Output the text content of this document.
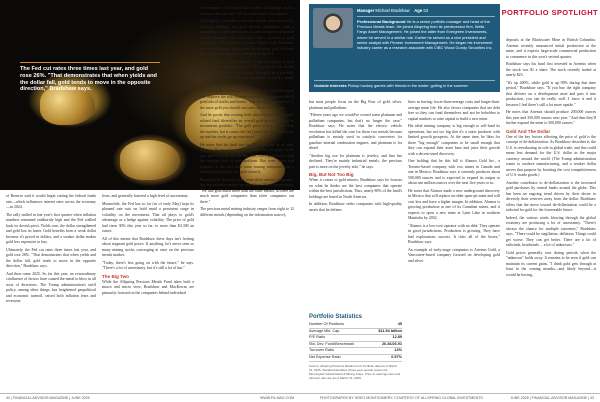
The Fed cut rates three times last year, and gold rose 26%. "That demonstrates that when yields and the dollar fall, gold tends to move in the opposite direction," Bradshaw says.

of Reserve said it would begin cutting the federal funds rate—which influences interest rates across the economy—in 2024.

The rally stalled in late year's first quarter when inflation numbers remained stubbornly high and the Fed walked back its dovish pivot. Yields rose, the dollar strengthened and gold lost its luster. Gold benefits from a weak dollar because it's priced in dollars, and a weaker dollar makes gold less expensive to buy.

Ultimately, the Fed cut rates three times last year, and gold rose 26%. "That demonstrates that when yields and the dollar fall, gold tends to move in the opposite direction," Bradshaw says.

And then came 2025. So far this year, an extraordinary confluence of factors have caused the metal to blow in all sorts of directions. The Trump administration's tariff policy, among other things, has heightened geopolitical and economic turmoil, raised both inflation fears and recession

fears, and generally fostered a high level of uncertainty.

Meanwhile, the Fed has so far (as of early May) kept its planned rate cuts on hold amid a persistent surge in volatility on the movement. That all plays to gold's advantage as a hedge against volatility. The price of gold had risen 30% this year so far, to more than $3,300 an ounce.

All of this means that Bradshaw these days isn't fretting about stagnant gold prices. If anything, he's never seen so many mining stocks converging at once on the precious metals market.

"Today, there's less going on with the future," he says. "There's a lot of uncertainty, but it's still a lot of fun."

The Big Two

While the Allspring Precious Metals Fund takes both a macro and micro view, Bradshaw and MacKerras are primarily focused on the companies behind individual

ual companies. Their portfolio contains 45 holdings, and its turnover rate was only 14% as of this year's first quarter.

Although it's ostensibly a precious metals fund, most of its portfolio holdings are gold mining companies, with a smattering of other businesses focused on mine exploration and development. The fund also holds a position in gold bullion (at 4.6%) within a Cayman Islands fund. Bradshaw says the Allspring fund owns the physical gold offshore because gold is taxed as a collectible in the U.S.

"People ask me, 'Why shouldn't I just own physical gold rather than investing in a fund?' My answer is you should do both," Bradshaw says, noting that gold in a portfolio diversifier because of its low correlation to stocks, bonds and other assets.

He cites studies showing that a 5% to 7% gold allocation can improve the risk-adjusted returns of a traditional 60-40 portfolio of stocks and bonds. "The stocks [the portfolio] is, the more gold you should own and vice versa," he says.

And he posits that owning both physical gold and a gold-related fund diversifies an overall gold position within an investment portfolio. "The gold price is less volatile than the equities, but it causes the fits [years] the gold price goes up and the stocks go up even more."

He notes that his fund was up 50% this year as of early May, or 20 percentage points greater than the jump in the spot price of gold. On the flip side, when gold prices drop the equities tend to underperform. But even when that happens, at the very least some mining companies pay a dividend (which physical gold doesn't).

Beyond gold, the fund owns some silver mining companies, but this exposure makes up only about 4% of the portfolio. "We like gold much more than the other metals, so there are much more gold companies than silver companies out there."

The precious metal mining industry ranges from eight to 12 different metals (depending on the information source),

PORTFOLIO SPOTLIGHT
Manager Michael Bradshaw Age 63
Professional Background He is a senior portfolio manager and head of the Precious Metals team. He joined Allspring from its predecessor firm, Wells Fargo Asset Management. He joined the latter from Evergreen Investments, where he served in a similar role. Earlier he served as a vice president and senior analyst with Pioneer Investment Management. He began his investment industry career as a research associate with CIBC Wood Gundy Securities Inc.
Outside Interests Pickup hockey games with friends in the winter; golfing in the summer.

but most people focus on the Big Four of gold, silver, platinum and palladium.

"Fifteen years ago we would've owned some platinum and palladium companies, but that's no longer the case," Bradshaw says. He notes that the electric vehicle revolution has killed the case for those two metals because palladium is mainly used in catalytic converters for gasoline internal combustion engines, and platinum is for diesel.

"Another big use for platinum is jewelry, and that has declined. They're mainly industrial metals, the precious part is more on the jewelry side," he says.

Big, But Not Too Big

When it comes to gold miners, Bradshaw says he focuses on what he thinks are the best companies that operate within the best jurisdictions. Thus, nearly 80% of the fund's holdings are based in North America.

In addition, Bradshaw seeks companies with high-quality assets that he defines

Portfolio Statistics
Number Of Positions	45
Average Mkt. Cap.	$11.54 billion
P/E Ratio	12.89
Std. Dev. Fund/Benchmark	26.46/26.91
Turnover Ratio	14%
Net Expense Ratio	0.97%
Source: Allspring Precious Metals Fund. Portfolio data as of March 31, 2025. Standard deviation (three-year period) versus the Morningstar Global Metal & Mining Index. Price-to-earnings ratio and turnover ratio are as of March 31, 2025.

fines as having: lower-than-average costs and longer-than-average mine life. He also favors companies that are debt free so they can fund themselves and not be beholden to capital markets to raise capital to build a new mine.

His ideal mining company is big enough to self-fund its operations, but not too big that it's a static producer with limited growth prospects. At the same time, he likes for these "big enough" companies to be small enough that they can expand their asset base and juice their growth with a decent-sized discovery.

One holding that he this bill is Alamos Gold Inc., a Toronto-based company with two mines in Canada and one in Mexico. Bradshaw says it currently produces about 500,000 ounces and is expected to expand its output to about one million ounces over the next five years or so.

He notes that Alamos made a new underground discovery in Mexico that will replace an older open-pit mine and will cost less and have a higher margin. In addition, Alamos is growing production at one of its Canadian mines, and it expects to open a new mine at Lynn Lake in northern Manitoba by 2032.

"Alamos is a low-cost operator with no debt. They operate in good jurisdictions. Production is growing. They have had explorations success. It ticks all of the boxes," Bradshaw says.

An example of early-stage companies is Artemis Gold, a Vancouver-based company focused on developing gold and silver

deposits at the Blackwater Mine in British Columbia. Artemis recently announced initial production at the mine, and it expects large-scale commercial production to commence in this year's second quarter.

Bradshaw says his fund first invested in Artemis when the stock was $1 a share. The stock recently traded at nearly $23.

"It's up 400%, while gold is up 90% during that time period," Bradshaw says. "If you buy the right company that delivers on a development asset and puts it into production, you can do really well. I favor it and it because I feel there's still a lot more upside."

He notes that Artemis should produce 200,000 ounces this year and 350,000 ounces next year. "And then they'll further expand the mine to 500,000 ounces."

Gold And The Dollar

One of the key factors affecting the price of gold is the concept of de-dollarization. As Bradshaw describes it, the U.S. is reevaluating its role in global trade, and this could mean less demand for the U.S. dollar as the major currency around the world. (The Trump administration wants to onshore manufacturing, and a weaker dollar serves that purpose by boosting the cost competitiveness of U.S.-made goods.)

Another contributor to de-dollarization is the increased gold purchases by central banks around the globe. This has been an ongoing trend driven by their desire to diversify their reserves away from the dollar. Bradshaw offers that the move toward de-dollarization could be a tailwind for gold for the foreseeable future.

Indeed, the various winds blowing through the global economy are producing a lot of uncertainty. "There's always the chance for multiple outcomes," Bradshaw says. "There could be stagflation, deflation. Things could get worse. They can get better. There are a lot of tailwinds, headwinds ... a lot of unknowns."

Gold prices generally rose during periods when the "unknown" holds sway. It remains to be seen if gold can maintain its current gains. "I think gold gets through at least in the coming months—and likely beyond—it would be having,

42 | FINANCIAL ADVISOR MAGAZINE | JUNE 2025	WWW.FA-MAG.COM	PHOTOGRAPHS BY GREG MONTGOMERY, COURTESY OF ALLSPRING GLOBAL INVESTMENTS	JUNE 2025 | FINANCIAL ADVISOR MAGAZINE | 43
